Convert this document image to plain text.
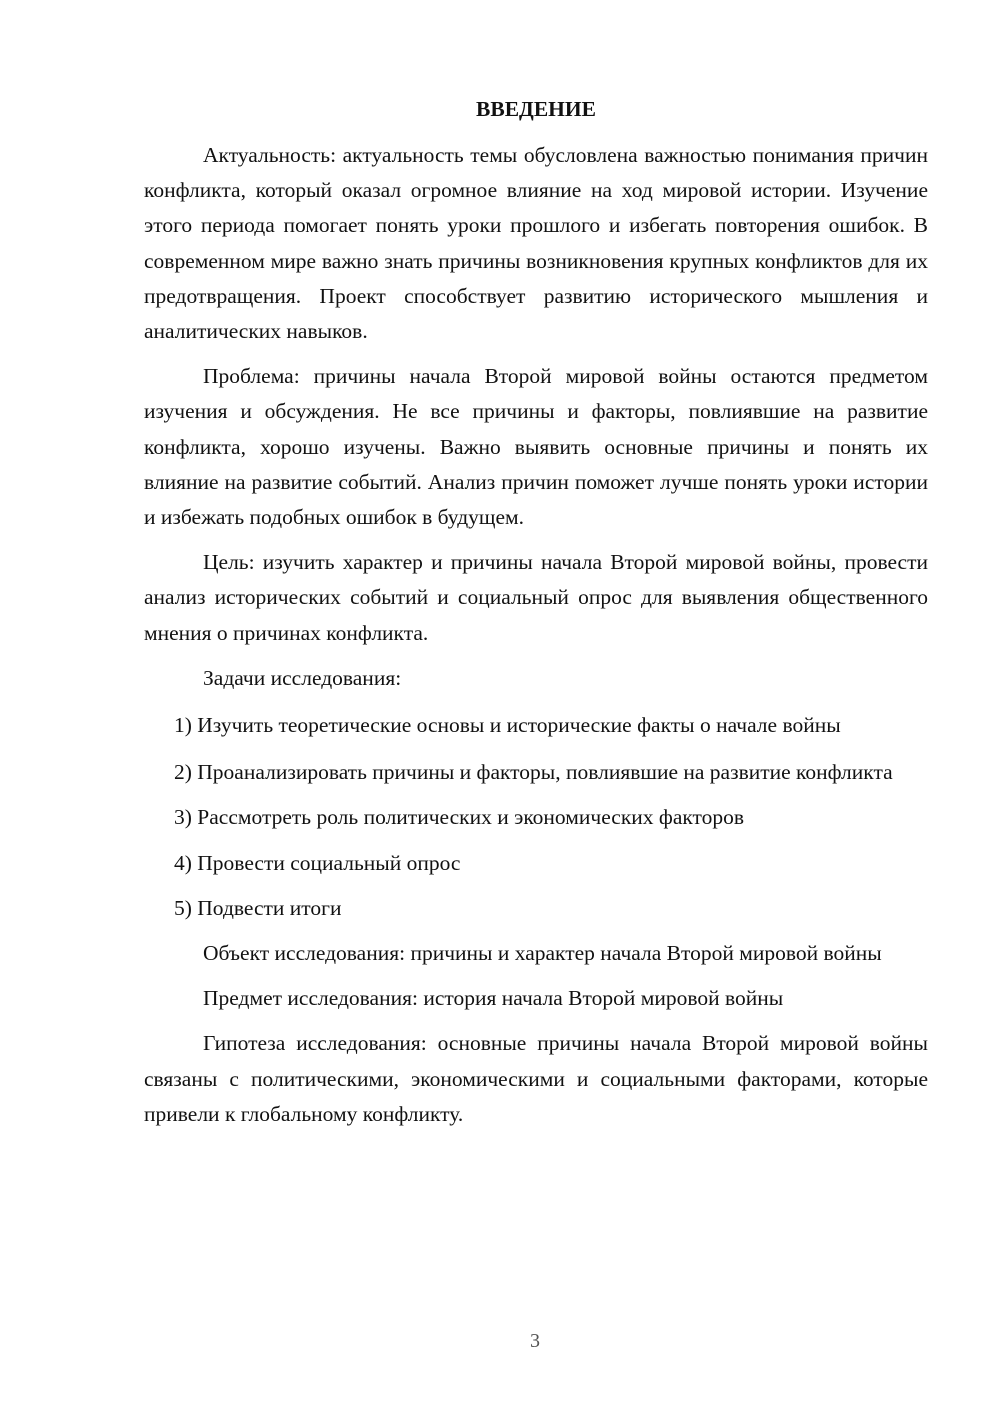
ВВЕДЕНИЕ

Актуальность: актуальность темы обусловлена важностью понимания причин конфликта, который оказал огромное влияние на ход мировой истории. Изучение этого периода помогает понять уроки прошлого и избегать повторения ошибок. В современном мире важно знать причины возникновения крупных конфликтов для их предотвращения. Проект способствует развитию исторического мышления и аналитических навыков.

Проблема: причины начала Второй мировой войны остаются предметом изучения и обсуждения. Не все причины и факторы, повлиявшие на развитие конфликта, хорошо изучены. Важно выявить основные причины и понять их влияние на развитие событий. Анализ причин поможет лучше понять уроки истории и избежать подобных ошибок в будущем.

Цель: изучить характер и причины начала Второй мировой войны, провести анализ исторических событий и социальный опрос для выявления общественного мнения о причинах конфликта.

Задачи исследования:

1) Изучить теоретические основы и исторические факты о начале войны

2) Проанализировать причины и факторы, повлиявшие на развитие конфликта

3) Рассмотреть роль политических и экономических факторов

4) Провести социальный опрос

5) Подвести итоги

Объект исследования: причины и характер начала Второй мировой войны

Предмет исследования: история начала Второй мировой войны

Гипотеза исследования: основные причины начала Второй мировой войны связаны с политическими, экономическими и социальными факторами, которые привели к глобальному конфликту.

3
